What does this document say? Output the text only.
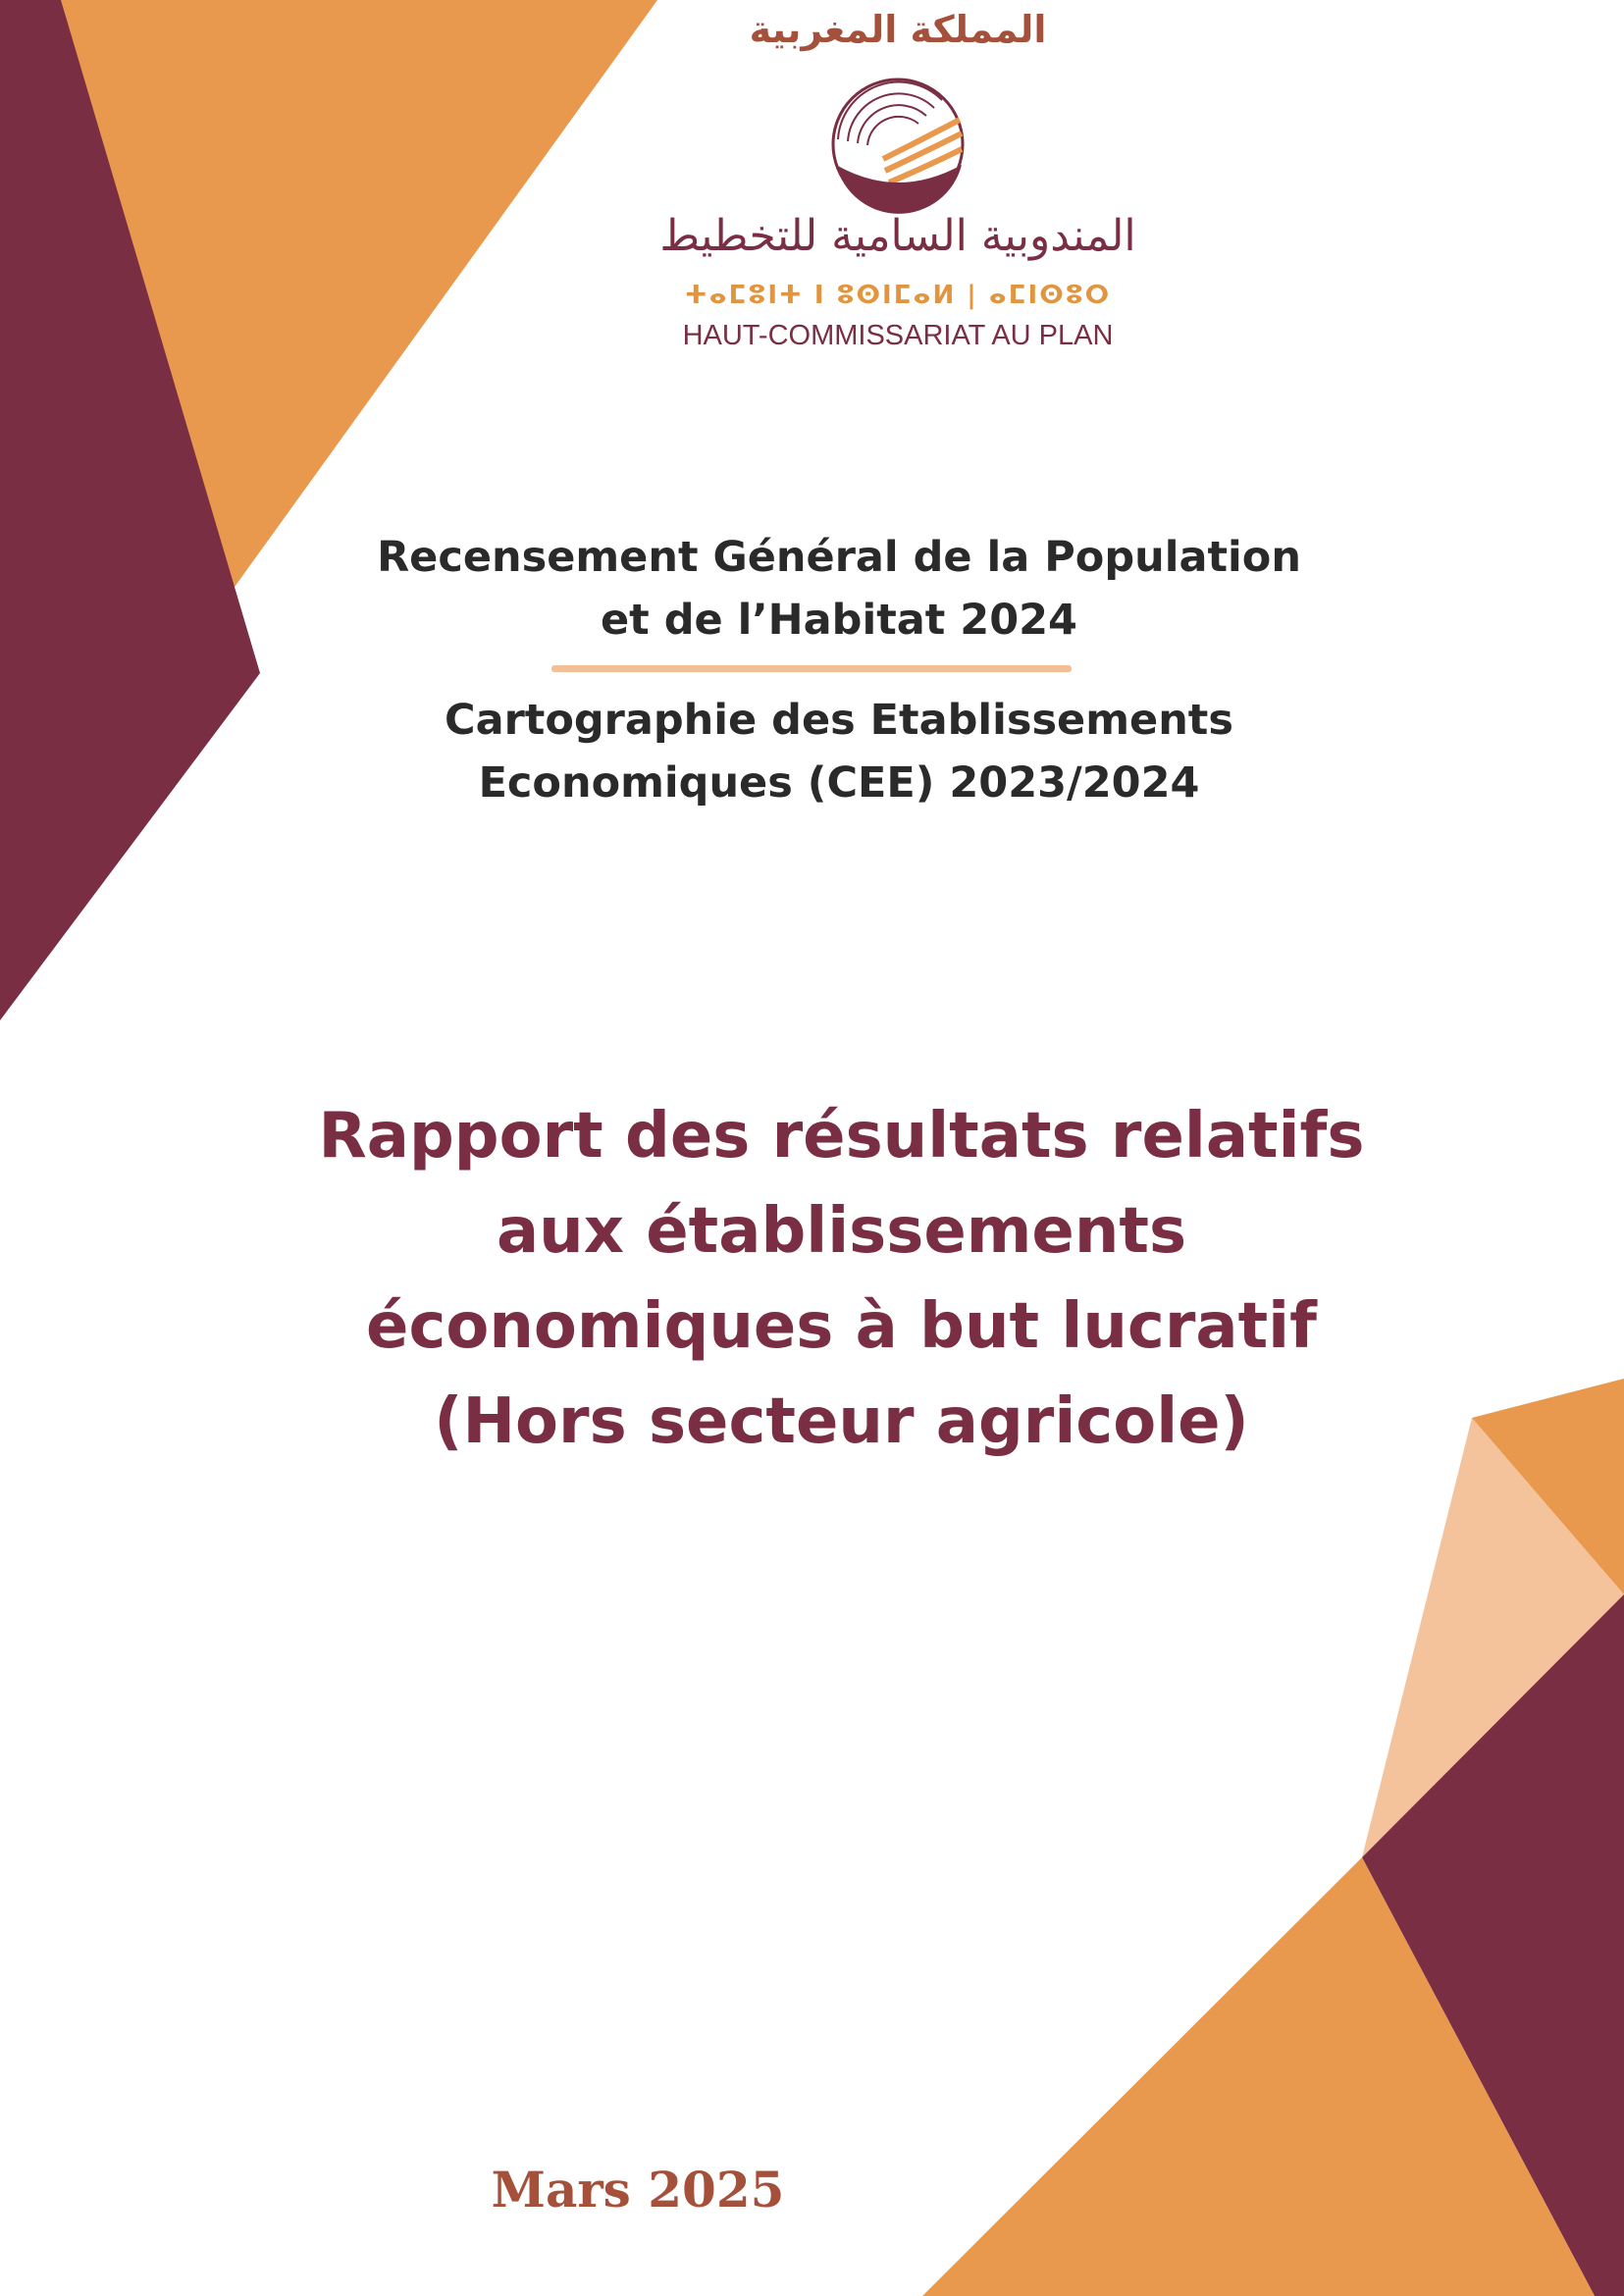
المملكة المغربية
المندوبية السامية للتخطيط
ⵜⴰⵎⵓⵏⵜ ⵏ ⵓⵙⵏⵎⴰⵍ | ⴰⵎⵏⵙⵓⵔ
HAUT-COMMISSARIAT AU PLAN
Recensement Général de la Population
et de l’Habitat 2024
Cartographie des Etablissements
Economiques (CEE) 2023/2024
Rapport des résultats relatifs
aux établissements
économiques à but lucratif
(Hors secteur agricole)
Mars 2025
